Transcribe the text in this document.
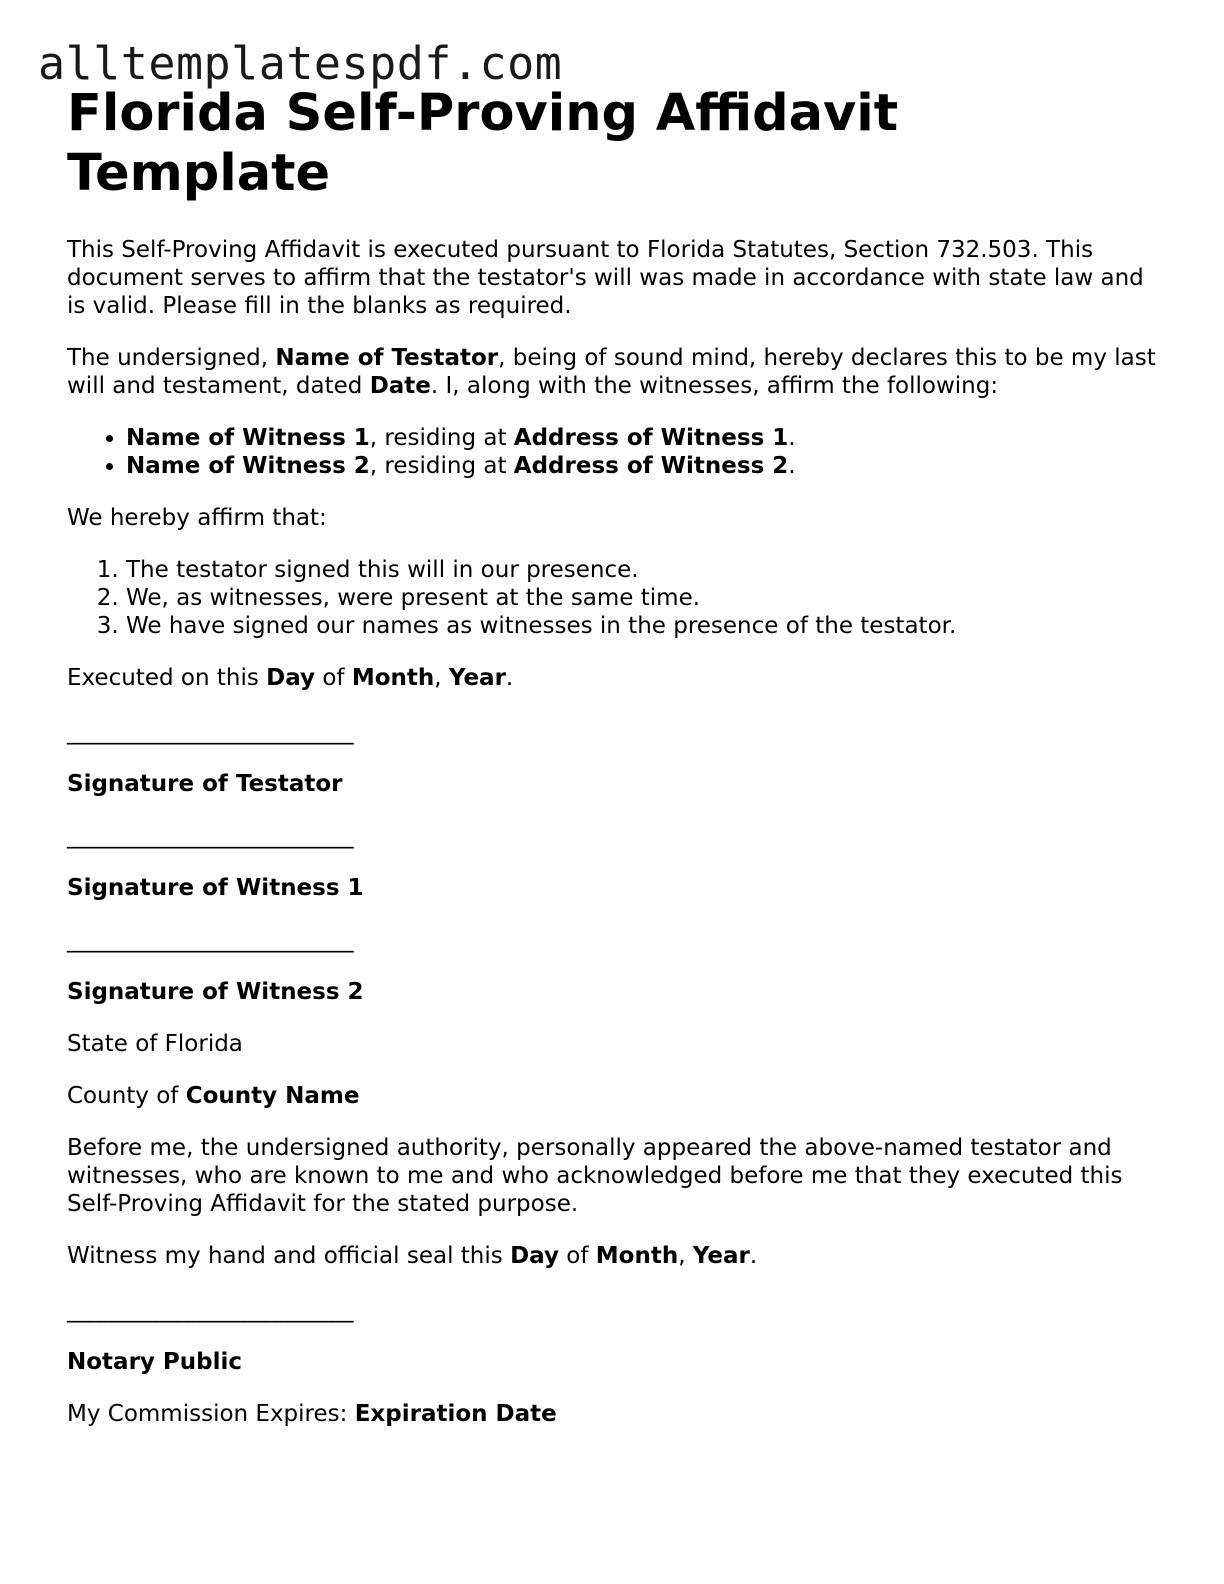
alltemplatespdf.com
Florida Self-Proving Affidavit Template

This Self-Proving Affidavit is executed pursuant to Florida Statutes, Section 732.503. This document serves to affirm that the testator's will was made in accordance with state law and is valid. Please fill in the blanks as required.

The undersigned, Name of Testator, being of sound mind, hereby declares this to be my last will and testament, dated Date. I, along with the witnesses, affirm the following:

• Name of Witness 1, residing at Address of Witness 1.
• Name of Witness 2, residing at Address of Witness 2.

We hereby affirm that:

1. The testator signed this will in our presence.
2. We, as witnesses, were present at the same time.
3. We have signed our names as witnesses in the presence of the testator.

Executed on this Day of Month, Year.

__________________________

Signature of Testator

__________________________

Signature of Witness 1

__________________________

Signature of Witness 2

State of Florida

County of County Name

Before me, the undersigned authority, personally appeared the above-named testator and witnesses, who are known to me and who acknowledged before me that they executed this Self-Proving Affidavit for the stated purpose.

Witness my hand and official seal this Day of Month, Year.

__________________________

Notary Public

My Commission Expires: Expiration Date
